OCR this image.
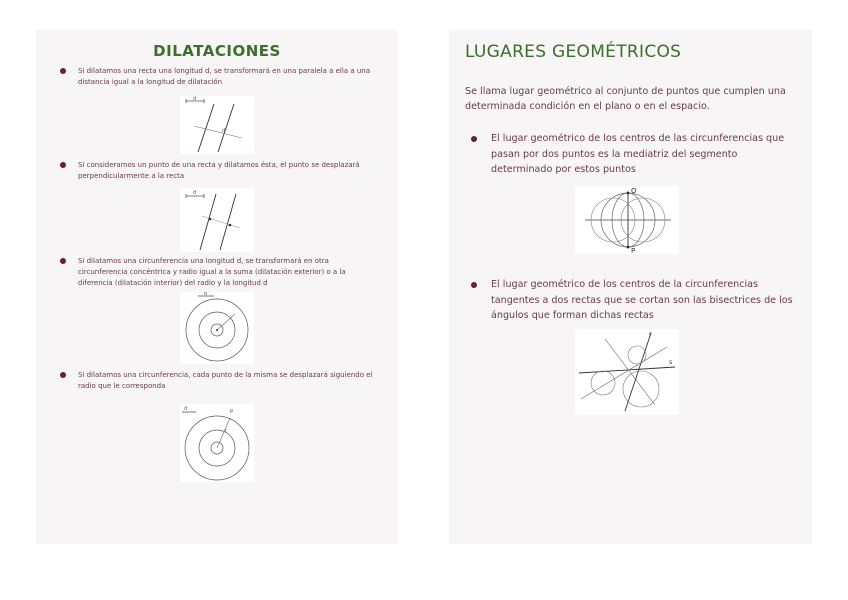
DILATACIONES
Si dilatamos una recta una longitud d, se transformará en una paralela a ella a una distancia igual a la longitud de dilatación
d
d
Si consideramos un punto de una recta y dilatamos ésta, el punto se desplazará perpendicularmente a la recta
d
Si dilatamos una circunferencia una longitud d, se transformará en otra circunferencia concéntrica y radio igual a la suma (dilatación exterior) o a la diferencia (dilatación interior) del radio y la longitud d
d
Si dilatamos una circunferencia, cada punto de la misma se desplazará siguiendo el radio que le corresponda
d	p
r
LUGARES GEOMÉTRICOS
Se llama lugar geométrico al conjunto de puntos que cumplen una determinada condición en el plano o en el espacio.
El lugar geométrico de los centros de las circunferencias que pasan por dos puntos es la mediatriz del segmento determinado por estos puntos
O
P
El lugar geométrico de los centros de la circunferencias tangentes a dos rectas que se cortan son las bisectrices de los ángulos que forman dichas rectas
r
s
